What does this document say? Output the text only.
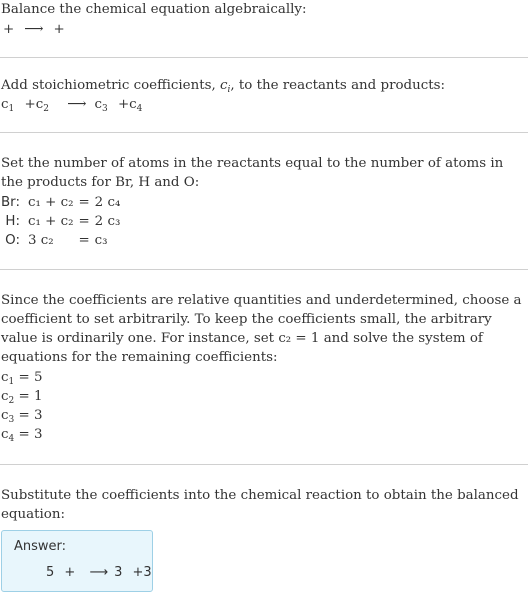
Balance the chemical equation algebraically:
+ ⟶ +
Add stoichiometric coefficients, $c_i$, to the reactants and products:
$c_1 +c_2$ ⟶ $c_3 +c_4$
Set the number of atoms in the reactants equal to the number of atoms in the products for Br, H and O:
Br:	c₁ + c₂	=	2 c₄
H:	c₁ + c₂	=	2 c₃
O:	3 c₂	=	c₃
Since the coefficients are relative quantities and underdetermined, choose a coefficient to set arbitrarily. To keep the coefficients small, the arbitrary value is ordinarily one. For instance, set c₂ = 1 and solve the system of equations for the remaining coefficients:
$c_1 = 5$
$c_2 = 1$
$c_3 = 3$
$c_4 = 3$
Substitute the coefficients into the chemical reaction to obtain the balanced equation:
Answer:
5 + ⟶ 3 +3
